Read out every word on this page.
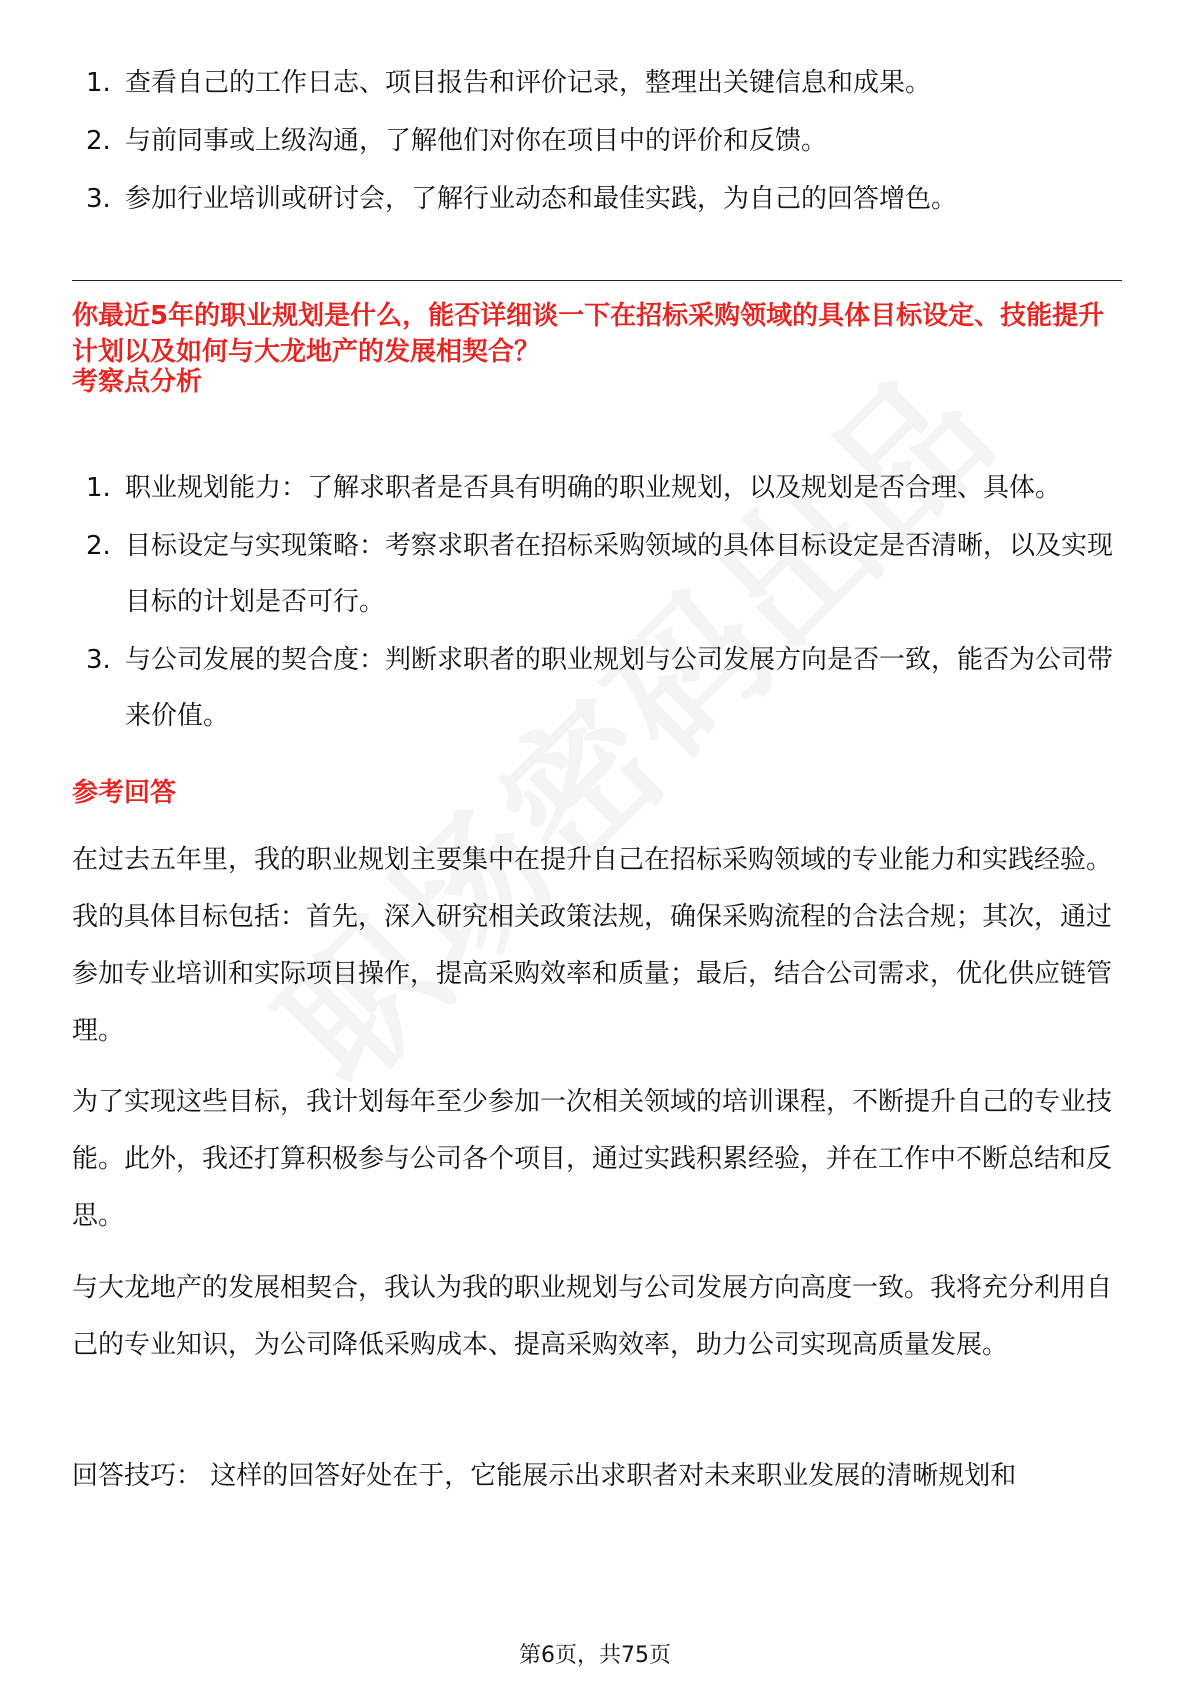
1. 查看自己的工作日志、项目报告和评价记录，整理出关键信息和成果。
2. 与前同事或上级沟通，了解他们对你在项目中的评价和反馈。
3. 参加行业培训或研讨会，了解行业动态和最佳实践，为自己的回答增色。
你最近5年的职业规划是什么，能否详细谈一下在招标采购领域的具体目标设定、技能提升计划以及如何与大龙地产的发展相契合？
考察点分析
1. 职业规划能力：了解求职者是否具有明确的职业规划，以及规划是否合理、具体。
2. 目标设定与实现策略：考察求职者在招标采购领域的具体目标设定是否清晰，以及实现目标的计划是否可行。
3. 与公司发展的契合度：判断求职者的职业规划与公司发展方向是否一致，能否为公司带来价值。
参考回答

在过去五年里，我的职业规划主要集中在提升自己在招标采购领域的专业能力和实践经验。我的具体目标包括：首先，深入研究相关政策法规，确保采购流程的合法合规；其次，通过参加专业培训和实际项目操作，提高采购效率和质量；最后，结合公司需求，优化供应链管理。

为了实现这些目标，我计划每年至少参加一次相关领域的培训课程，不断提升自己的专业技能。此外，我还打算积极参与公司各个项目，通过实践积累经验，并在工作中不断总结和反思。

与大龙地产的发展相契合，我认为我的职业规划与公司发展方向高度一致。我将充分利用自己的专业知识，为公司降低采购成本、提高采购效率，助力公司实现高质量发展。

回答技巧： 这样的回答好处在于，它能展示出求职者对未来职业发展的清晰规划和

第6页，共75页
